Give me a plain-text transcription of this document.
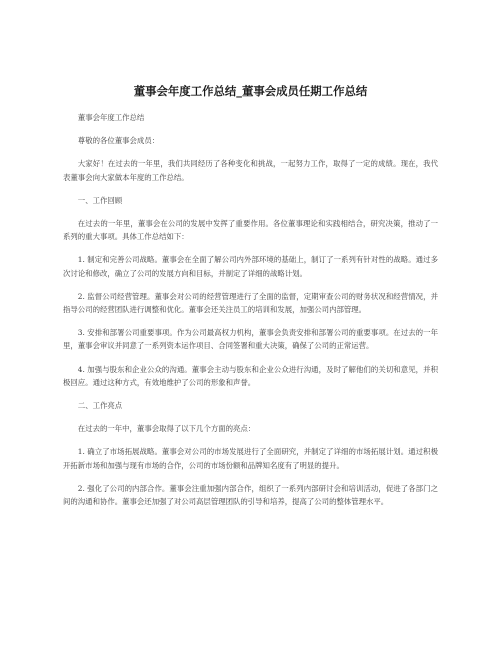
董事会年度工作总结_董事会成员任期工作总结

董事会年度工作总结

尊敬的各位董事会成员：

大家好！在过去的一年里，我们共同经历了各种变化和挑战，一起努力工作，取得了一定的成绩。现在，我代表董事会向大家做本年度的工作总结。

一、工作回顾

在过去的一年里，董事会在公司的发展中发挥了重要作用。各位董事理论和实践相结合，研究决策，推动了一系列的重大事项。具体工作总结如下：

1. 制定和完善公司战略。董事会在全面了解公司内外部环境的基础上，制订了一系列有针对性的战略。通过多次讨论和修改，确立了公司的发展方向和目标，并制定了详细的战略计划。

2. 监督公司经营管理。董事会对公司的经营管理进行了全面的监督，定期审查公司的财务状况和经营情况，并指导公司的经营团队进行调整和优化。董事会还关注员工的培训和发展，加强公司内部管理。

3. 安排和部署公司重要事项。作为公司最高权力机构，董事会负责安排和部署公司的重要事项。在过去的一年里，董事会审议并同意了一系列资本运作项目、合同签署和重大决策，确保了公司的正常运营。

4. 加强与股东和企业公众的沟通。董事会主动与股东和企业公众进行沟通，及时了解他们的关切和意见，并积极回应。通过这种方式，有效地维护了公司的形象和声誉。

二、工作亮点

在过去的一年中，董事会取得了以下几个方面的亮点：

1. 确立了市场拓展战略。董事会对公司的市场发展进行了全面研究，并制定了详细的市场拓展计划。通过积极开拓新市场和加强与现有市场的合作，公司的市场份额和品牌知名度有了明显的提升。

2. 强化了公司的内部合作。董事会注重加强内部合作，组织了一系列内部研讨会和培训活动，促进了各部门之间的沟通和协作。董事会还加强了对公司高层管理团队的引导和培养，提高了公司的整体管理水平。
